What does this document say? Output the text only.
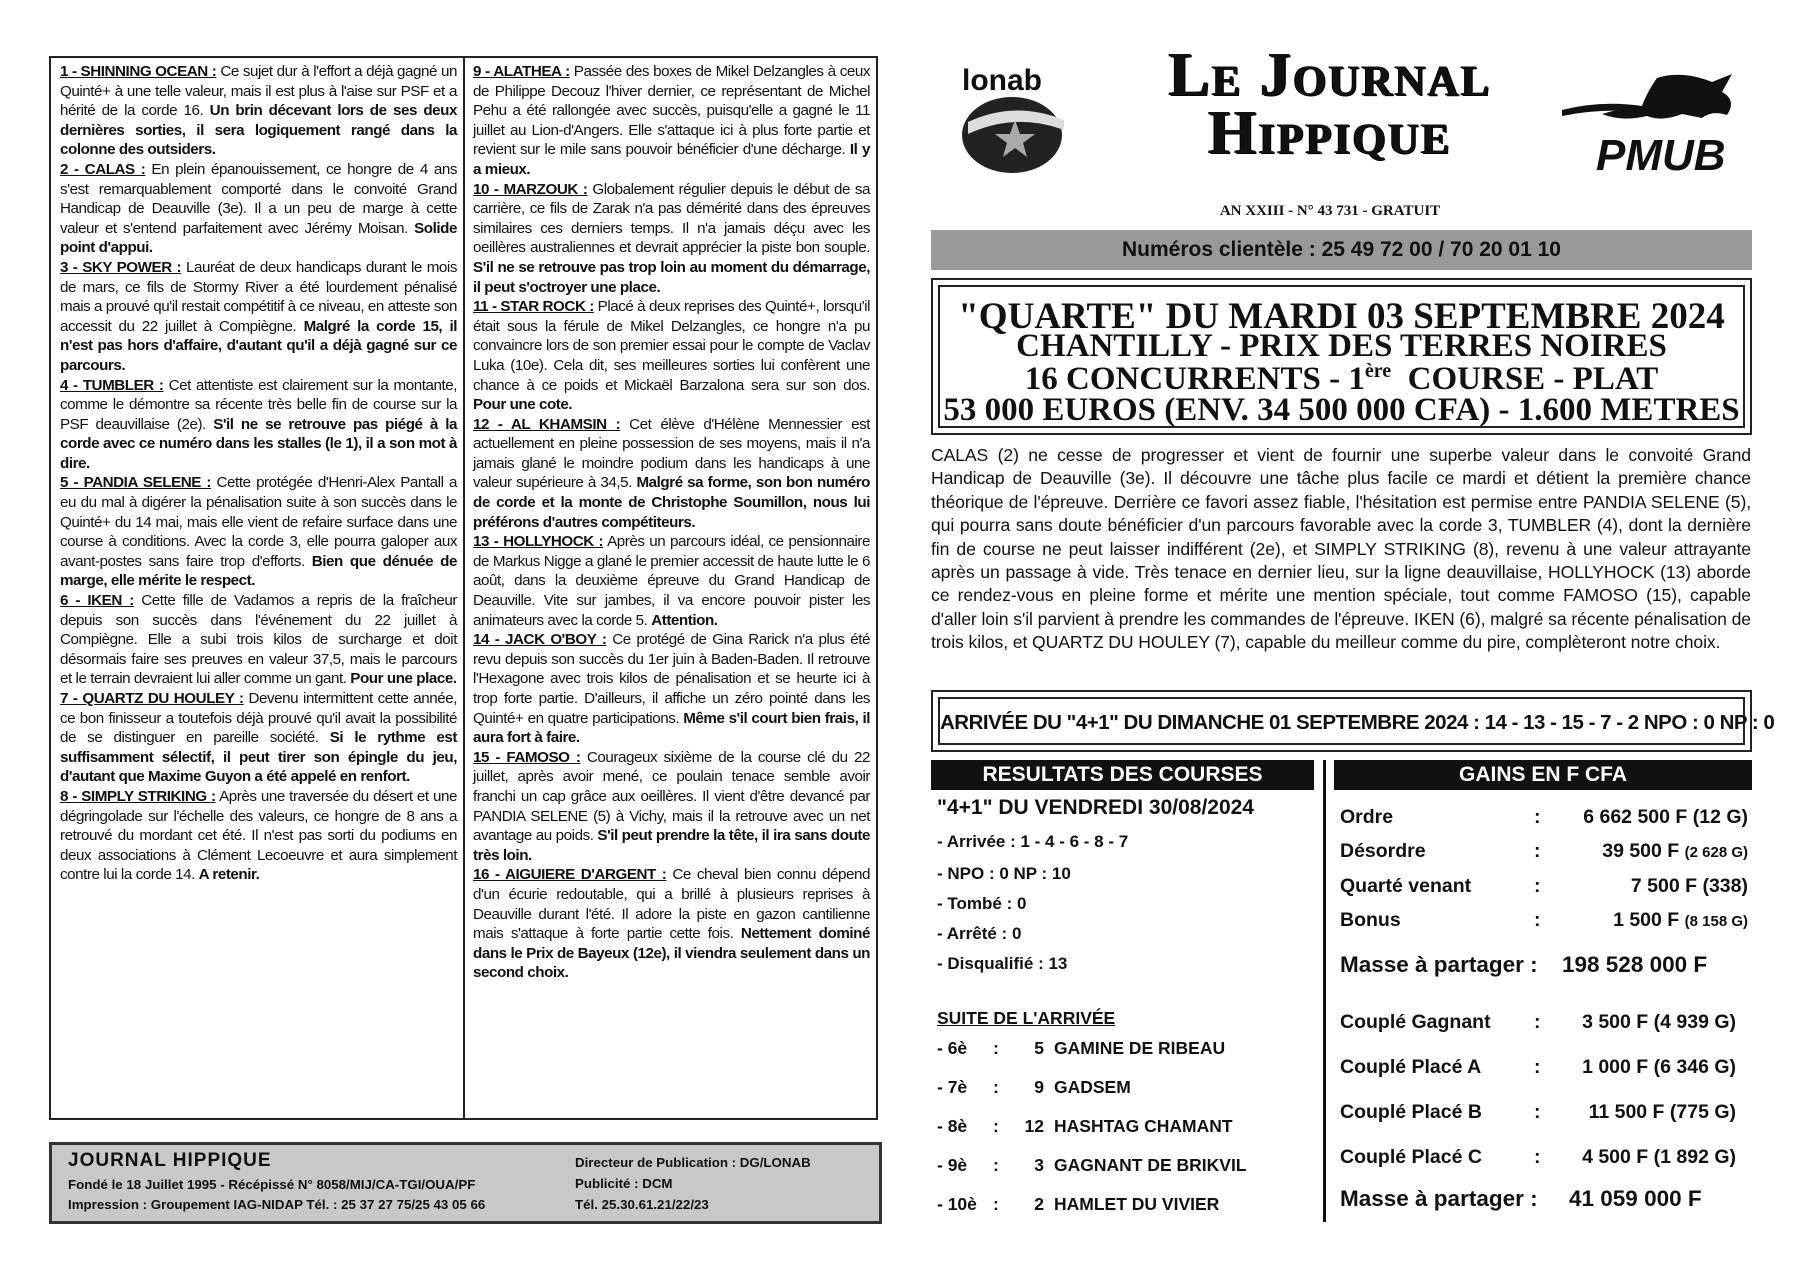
1 - SHINNING OCEAN : Ce sujet dur à l'effort a déjà gagné un Quinté+ à une telle valeur, mais il est plus à l'aise sur PSF et a hérité de la corde 16. Un brin décevant lors de ses deux dernières sorties, il sera logiquement rangé dans la colonne des outsiders.

2 - CALAS : En plein épanouissement, ce hongre de 4 ans s'est remarquablement comporté dans le convoité Grand Handicap de Deauville (3e). Il a un peu de marge à cette valeur et s'entend parfaitement avec Jérémy Moisan. Solide point d'appui.

3 - SKY POWER : Lauréat de deux handicaps durant le mois de mars, ce fils de Stormy River a été lourdement pénalisé mais a prouvé qu'il restait compétitif à ce niveau, en atteste son accessit du 22 juillet à Compiègne. Malgré la corde 15, il n'est pas hors d'affaire, d'autant qu'il a déjà gagné sur ce parcours.

4 - TUMBLER : Cet attentiste est clairement sur la montante, comme le démontre sa récente très belle fin de course sur la PSF deauvillaise (2e). S'il ne se retrouve pas piégé à la corde avec ce numéro dans les stalles (le 1), il a son mot à dire.

5 - PANDIA SELENE : Cette protégée d'Henri-Alex Pantall a eu du mal à digérer la pénalisation suite à son succès dans le Quinté+ du 14 mai, mais elle vient de refaire surface dans une course à conditions. Avec la corde 3, elle pourra galoper aux avant-postes sans faire trop d'efforts. Bien que dénuée de marge, elle mérite le respect.

6 - IKEN : Cette fille de Vadamos a repris de la fraîcheur depuis son succès dans l'événement du 22 juillet à Compiègne. Elle a subi trois kilos de surcharge et doit désormais faire ses preuves en valeur 37,5, mais le parcours et le terrain devraient lui aller comme un gant. Pour une place.

7 - QUARTZ DU HOULEY : Devenu intermittent cette année, ce bon finisseur a toutefois déjà prouvé qu'il avait la possibilité de se distinguer en pareille société. Si le rythme est suffisamment sélectif, il peut tirer son épingle du jeu, d'autant que Maxime Guyon a été appelé en renfort.

8 - SIMPLY STRIKING : Après une traversée du désert et une dégringolade sur l'échelle des valeurs, ce hongre de 8 ans a retrouvé du mordant cet été. Il n'est pas sorti du podiums en deux associations à Clément Lecoeuvre et aura simplement contre lui la corde 14. A retenir.

9 - ALATHEA : Passée des boxes de Mikel Delzangles à ceux de Philippe Decouz l'hiver dernier, ce représentant de Michel Pehu a été rallongée avec succès, puisqu'elle a gagné le 11 juillet au Lion-d'Angers. Elle s'attaque ici à plus forte partie et revient sur le mile sans pouvoir bénéficier d'une décharge. Il y a mieux.

10 - MARZOUK : Globalement régulier depuis le début de sa carrière, ce fils de Zarak n'a pas démérité dans des épreuves similaires ces derniers temps. Il n'a jamais déçu avec les oeillères australiennes et devrait apprécier la piste bon souple. S'il ne se retrouve pas trop loin au moment du démarrage, il peut s'octroyer une place.

11 - STAR ROCK : Placé à deux reprises des Quinté+, lorsqu'il était sous la férule de Mikel Delzangles, ce hongre n'a pu convaincre lors de son premier essai pour le compte de Vaclav Luka (10e). Cela dit, ses meilleures sorties lui confèrent une chance à ce poids et Mickaël Barzalona sera sur son dos. Pour une cote.

12 - AL KHAMSIN : Cet élève d'Hélène Mennessier est actuellement en pleine possession de ses moyens, mais il n'a jamais glané le moindre podium dans les handicaps à une valeur supérieure à 34,5. Malgré sa forme, son bon numéro de corde et la monte de Christophe Soumillon, nous lui préférons d'autres compétiteurs.

13 - HOLLYHOCK : Après un parcours idéal, ce pensionnaire de Markus Nigge a glané le premier accessit de haute lutte le 6 août, dans la deuxième épreuve du Grand Handicap de Deauville. Vite sur jambes, il va encore pouvoir pister les animateurs avec la corde 5. Attention.

14 - JACK O'BOY : Ce protégé de Gina Rarick n'a plus été revu depuis son succès du 1er juin à Baden-Baden. Il retrouve l'Hexagone avec trois kilos de pénalisation et se heurte ici à trop forte partie. D'ailleurs, il affiche un zéro pointé dans les Quinté+ en quatre participations. Même s'il court bien frais, il aura fort à faire.

15 - FAMOSO : Courageux sixième de la course clé du 22 juillet, après avoir mené, ce poulain tenace semble avoir franchi un cap grâce aux oeillères. Il vient d'être devancé par PANDIA SELENE (5) à Vichy, mais il la retrouve avec un net avantage au poids. S'il peut prendre la tête, il ira sans doute très loin.

16 - AIGUIERE D'ARGENT : Ce cheval bien connu dépend d'un écurie redoutable, qui a brillé à plusieurs reprises à Deauville durant l'été. Il adore la piste en gazon cantilienne mais s'attaque à forte partie cette fois. Nettement dominé dans le Prix de Bayeux (12e), il viendra seulement dans un second choix.

JOURNAL HIPPIQUE
Fondé le 18 Juillet 1995 - Récépissé N° 8058/MIJ/CA-TGI/OUA/PF
Impression : Groupement IAG-NIDAP Tél. : 25 37 27 75/25 43 05 66
Directeur de Publication : DG/LONAB
Publicité : DCM
Tél. 25.30.61.21/22/23
lonab	Le Journal
Hippique
AN XXIII - N° 43 731 - GRATUIT
PMUB
Numéros clientèle : 25 49 72 00 / 70 20 01 10
"QUARTE" DU MARDI 03 SEPTEMBRE 2024
CHANTILLY - PRIX DES TERRES NOIRES
16 CONCURRENTS - 1ère  COURSE - PLAT
53 000 EUROS (ENV. 34 500 000 CFA) - 1.600 METRES
CALAS (2) ne cesse de progresser et vient de fournir une superbe valeur dans le convoité Grand Handicap de Deauville (3e). Il découvre une tâche plus facile ce mardi et détient la première chance théorique de l'épreuve. Derrière ce favori assez fiable, l'hésitation est permise entre PANDIA SELENE (5), qui pourra sans doute bénéficier d'un parcours favorable avec la corde 3, TUMBLER (4), dont la dernière fin de course ne peut laisser indifférent (2e), et SIMPLY STRIKING (8), revenu à une valeur attrayante après un passage à vide. Très tenace en dernier lieu, sur la ligne deauvillaise, HOLLYHOCK (13) aborde ce rendez-vous en pleine forme et mérite une mention spéciale, tout comme FAMOSO (15), capable d'aller loin s'il parvient à prendre les commandes de l'épreuve. IKEN (6), malgré sa récente pénalisation de trois kilos, et QUARTZ DU HOULEY (7), capable du meilleur comme du pire, complèteront notre choix.
ARRIVÉE DU "4+1" DU DIMANCHE 01 SEPTEMBRE 2024 : 14 - 13 - 15 - 7 - 2 NPO : 0 NP : 0
RESULTATS DES COURSES	GAINS EN F CFA
"4+1" DU VENDREDI 30/08/2024
- Arrivée : 1 - 4 - 6 - 8 - 7
- NPO : 0 NP : 10
- Tombé : 0
- Arrêté : 0
- Disqualifié : 13
SUITE DE L'ARRIVÉE
- 6è :	5 GAMINE DE RIBEAU
- 7è :	9 GADSEM
- 8è : 12 HASHTAG CHAMANT
- 9è :	3 GAGNANT DE BRIKVIL
- 10è :	2 HAMLET DU VIVIER
Ordre	: 6 662 500 F (12 G)
Désordre	:	39 500 F (2 628 G)
Quarté venant	:	7 500 F (338)
Bonus	:	1 500 F (8 158 G)
Couplé Gagnant : 3 500 F (4 939 G)
Couplé Placé A	: 1 000 F (6 346 G)
Couplé Placé B	: 11 500 F (775 G)
Couplé Placé C	: 4 500 F (1 892 G)
Masse à partager : 198 528 000 F
Masse à partager : 41 059 000 F
